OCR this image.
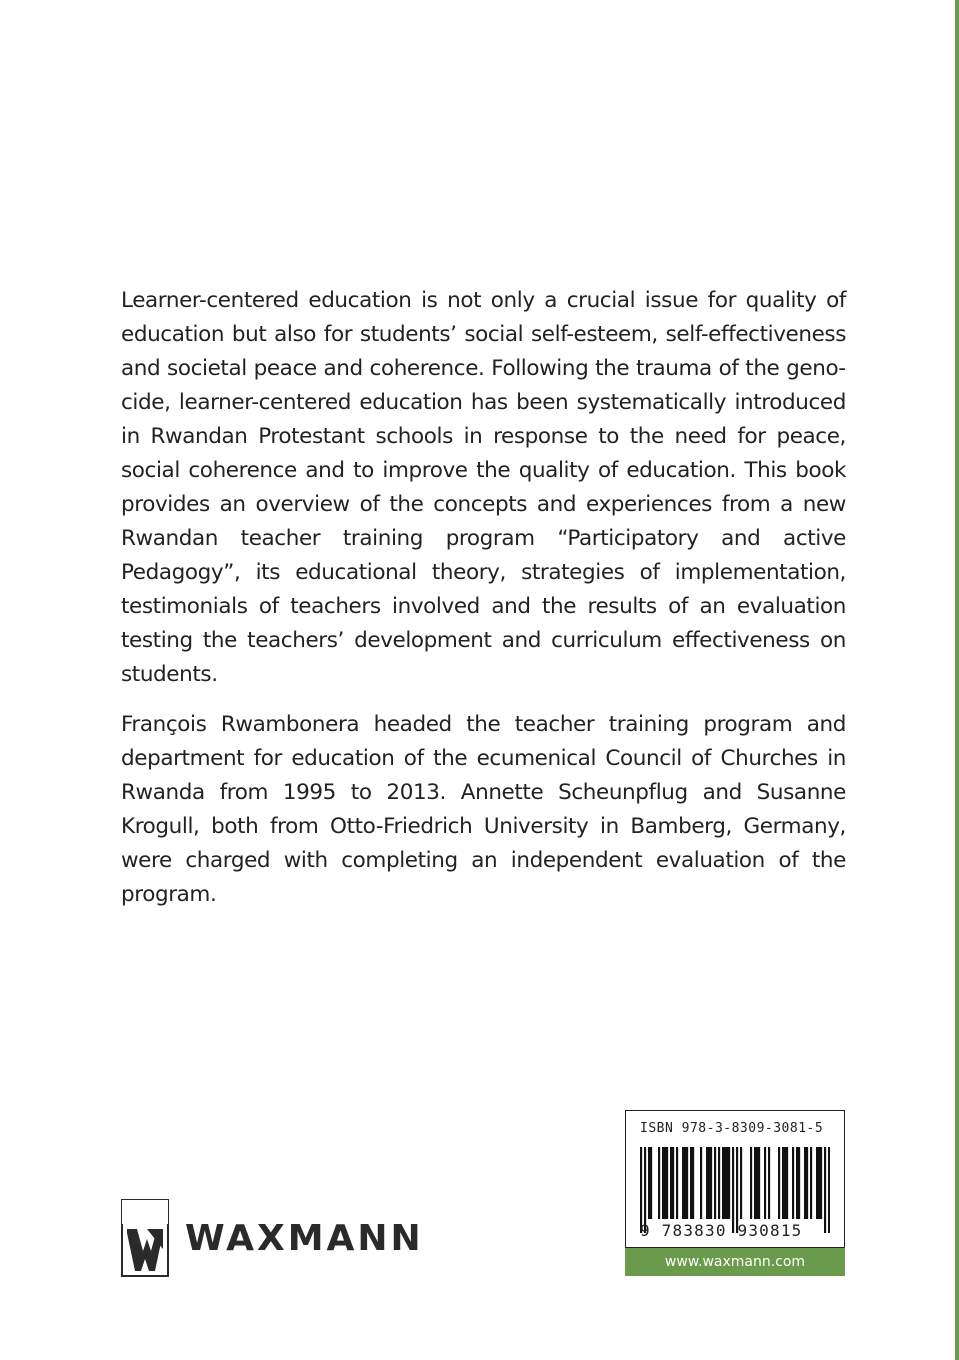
Learner-centered education is not only a crucial issue for quality of education but also for students’ social self-esteem, self-effectiveness and societal peace and coherence. Following the trauma of the genocide, learner-centered education has been systematically introduced in Rwandan Protestant schools in response to the need for peace, social coherence and to improve the quality of education. This book provides an overview of the concepts and experiences from a new Rwandan teacher training program “Participatory and active Pedagogy”, its educational theory, strategies of implementation, testimonials of teachers involved and the results of an evaluation testing the teachers’ development and curriculum effectiveness on students.

François Rwambonera headed the teacher training program and department for education of the ecumenical Council of Churches in Rwanda from 1995 to 2013. Annette Scheunpflug and Susanne Krogull, both from Otto-Friedrich University in Bamberg, Germany, were charged with completing an independent evaluation of the program.

WAXMANN
ISBN 978-3-8309-3081-5
9 783830 930815
www.waxmann.com
